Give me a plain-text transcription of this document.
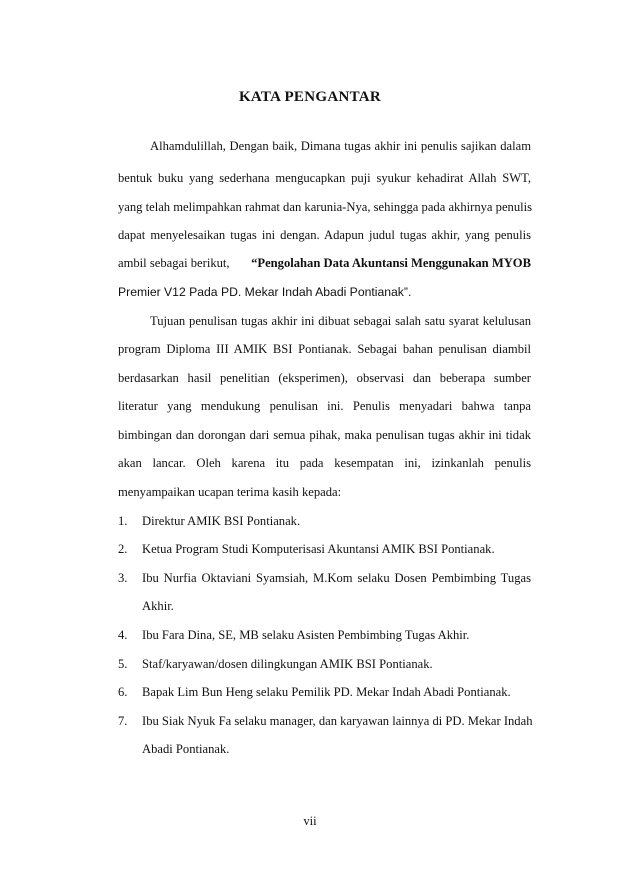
KATA PENGANTAR
Alhamdulillah, Dengan baik, Dimana tugas akhir ini penulis sajikan dalam
bentuk buku yang sederhana mengucapkan puji syukur kehadirat Allah SWT,
yang telah melimpahkan rahmat dan karunia-Nya, sehingga pada akhirnya penulis
dapat menyelesaikan tugas ini dengan. Adapun judul tugas akhir, yang penulis
ambil sebagai berikut, “Pengolahan Data Akuntansi Menggunakan MYOB
Premier V12 Pada PD. Mekar Indah Abadi Pontianak”.
Tujuan penulisan tugas akhir ini dibuat sebagai salah satu syarat kelulusan
program Diploma III AMIK BSI Pontianak. Sebagai bahan penulisan diambil
berdasarkan hasil penelitian (eksperimen), observasi dan beberapa sumber
literatur yang mendukung penulisan ini. Penulis menyadari bahwa tanpa
bimbingan dan dorongan dari semua pihak, maka penulisan tugas akhir ini tidak
akan lancar. Oleh karena itu pada kesempatan ini, izinkanlah penulis
menyampaikan ucapan terima kasih kepada:
1. Direktur AMIK BSI Pontianak.
2. Ketua Program Studi Komputerisasi Akuntansi AMIK BSI Pontianak.
3. Ibu Nurfia Oktaviani Syamsiah, M.Kom selaku Dosen Pembimbing Tugas
Akhir.
4. Ibu Fara Dina, SE, MB selaku Asisten Pembimbing Tugas Akhir.
5. Staf/karyawan/dosen dilingkungan AMIK BSI Pontianak.
6. Bapak Lim Bun Heng selaku Pemilik PD. Mekar Indah Abadi Pontianak.
7. Ibu Siak Nyuk Fa selaku manager, dan karyawan lainnya di PD. Mekar Indah
Abadi Pontianak.
vii
